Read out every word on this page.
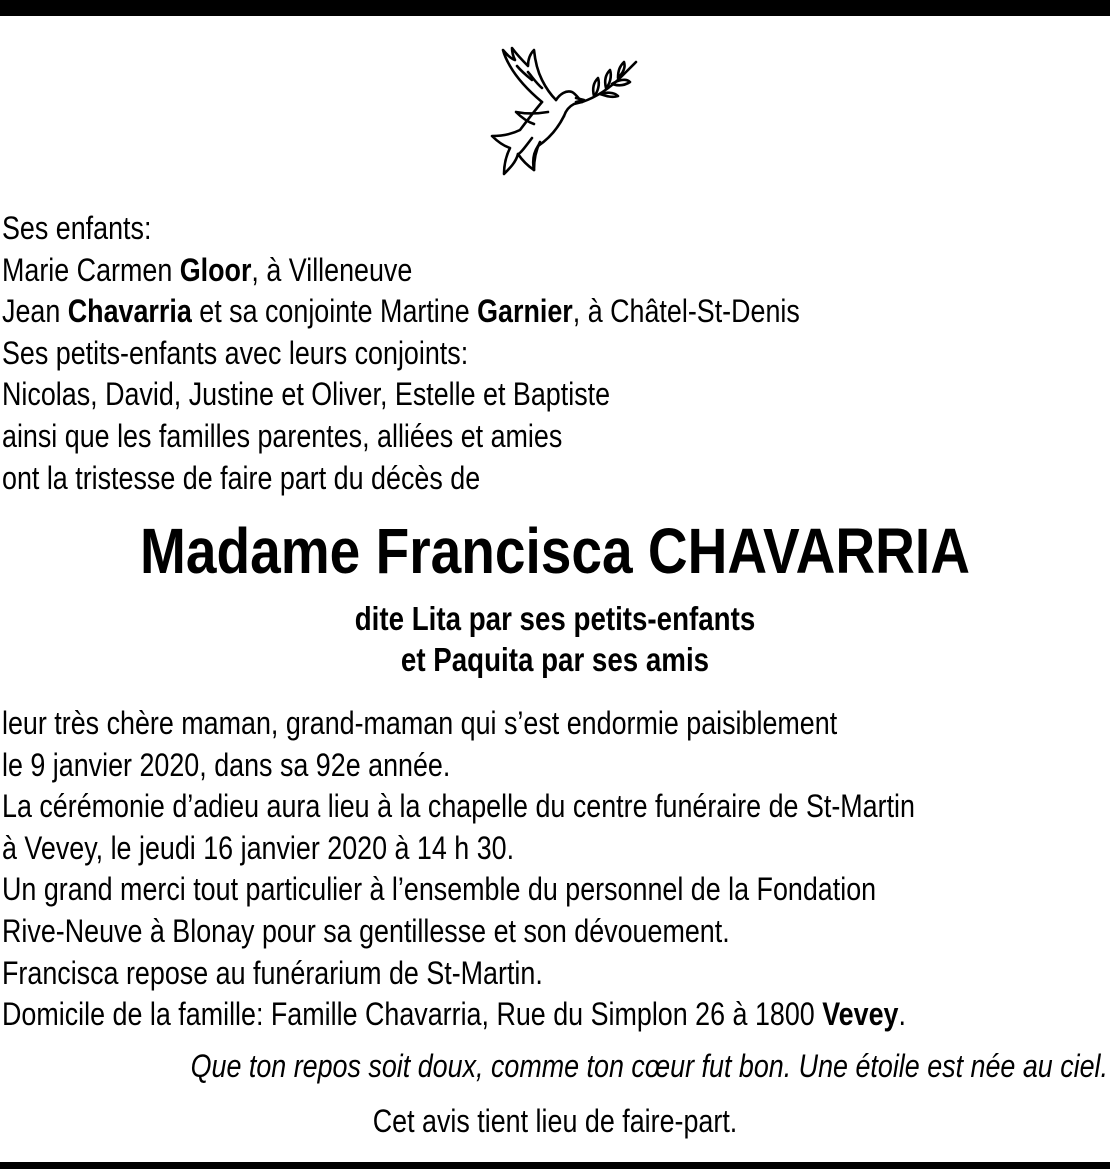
Ses enfants:
Marie Carmen Gloor, à Villeneuve
Jean Chavarria et sa conjointe Martine Garnier, à Châtel-St-Denis
Ses petits-enfants avec leurs conjoints:
Nicolas, David, Justine et Oliver, Estelle et Baptiste
ainsi que les familles parentes, alliées et amies
ont la tristesse de faire part du décès de
Madame Francisca CHAVARRIA
dite Lita par ses petits-enfants
et Paquita par ses amis
leur très chère maman, grand-maman qui s’est endormie paisiblement
le 9 janvier 2020, dans sa 92e année.
La cérémonie d’adieu aura lieu à la chapelle du centre funéraire de St-Martin
à Vevey, le jeudi 16 janvier 2020 à 14 h 30.
Un grand merci tout particulier à l’ensemble du personnel de la Fondation
Rive-Neuve à Blonay pour sa gentillesse et son dévouement.
Francisca repose au funérarium de St-Martin.
Domicile de la famille: Famille Chavarria, Rue du Simplon 26 à 1800 Vevey.
Que ton repos soit doux, comme ton cœur fut bon. Une étoile est née au ciel.
Cet avis tient lieu de faire-part.
